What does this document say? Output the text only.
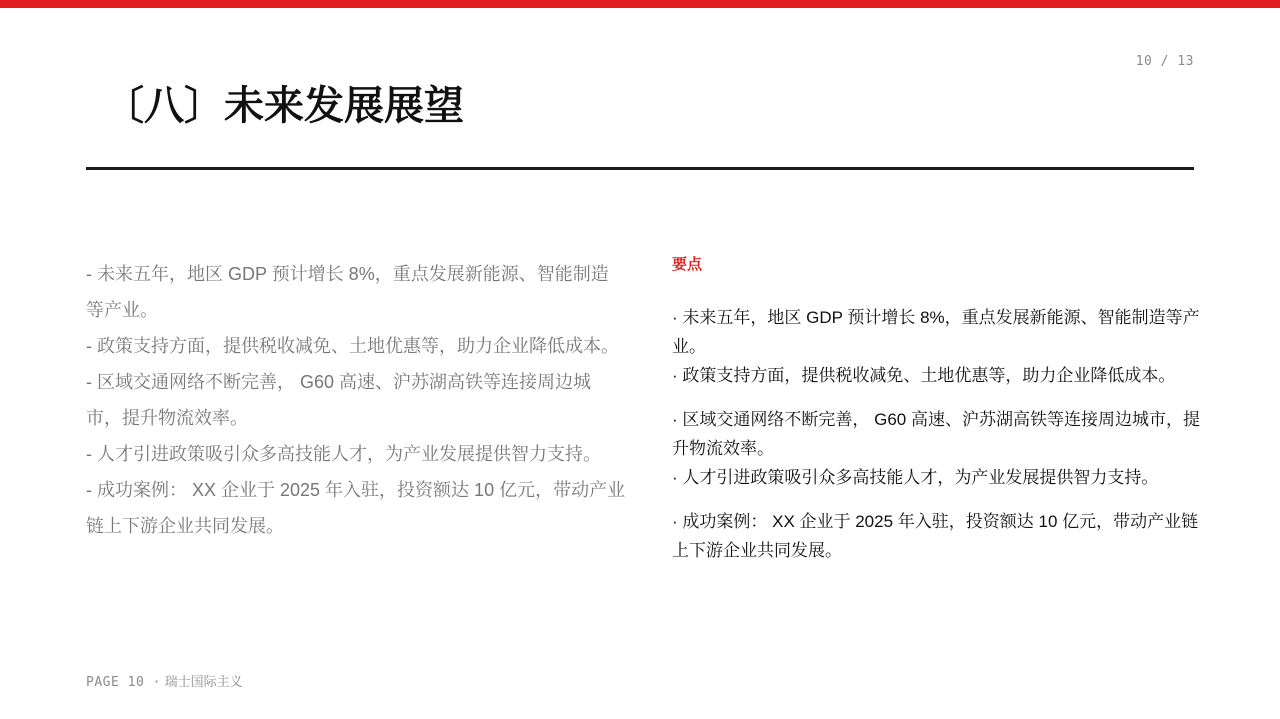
10 / 13
〔八〕未来发展展望

- 未来五年，地区 GDP 预计增长 8%，重点发展新能源、智能制造等产业。

- 政策支持方面，提供税收减免、土地优惠等，助力企业降低成本。

- 区域交通网络不断完善， G60 高速、沪苏湖高铁等连接周边城市，提升物流效率。

- 人才引进政策吸引众多高技能人才，为产业发展提供智力支持。

- 成功案例： XX 企业于 2025 年入驻，投资额达 10 亿元，带动产业链上下游企业共同发展。

要点

· 未来五年，地区 GDP 预计增长 8%，重点发展新能源、智能制造等产业。

· 政策支持方面，提供税收减免、土地优惠等，助力企业降低成本。

· 区域交通网络不断完善， G60 高速、沪苏湖高铁等连接周边城市，提升物流效率。

· 人才引进政策吸引众多高技能人才，为产业发展提供智力支持。

· 成功案例： XX 企业于 2025 年入驻，投资额达 10 亿元，带动产业链上下游企业共同发展。

PAGE 10 · 瑞士国际主义
